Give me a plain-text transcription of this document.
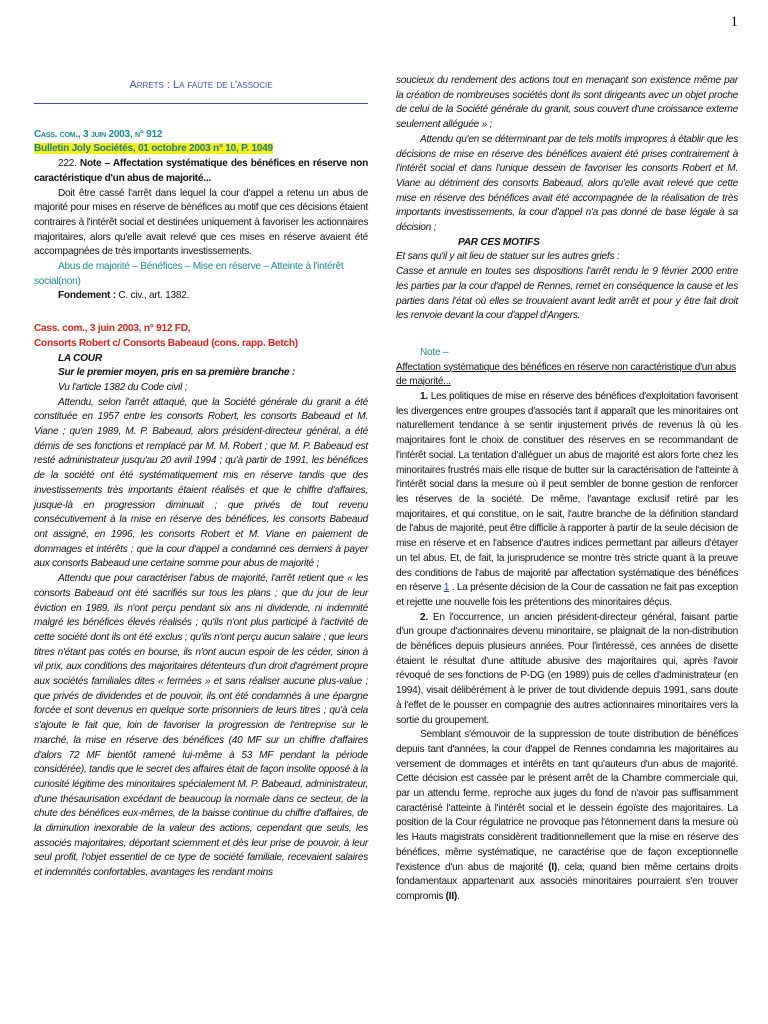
1
Arrets : La faute de l'associe

Cass. com., 3 juin 2003, n° 912

Bulletin Joly Sociétés, 01 octobre 2003 n° 10, P. 1049

222. Note – Affectation systématique des bénéfices en réserve non caractéristique d'un abus de majorité...

Doit être cassé l'arrêt dans lequel la cour d'appel a retenu un abus de majorité pour mises en réserve de bénéfices au motif que ces décisions étaient contraires à l'intérêt social et destinées uniquement à favoriser les actionnaires majoritaires, alors qu'elle avait relevé que ces mises en réserve avaient été accompagnées de très importants investissements.

Abus de majorité – Bénéfices – Mise en réserve – Atteinte à l'intérêt social(non)

Fondement : C. civ., art. 1382.

Cass. com., 3 juin 2003, n° 912 FD,

Consorts Robert c/ Consorts Babeaud (cons. rapp. Betch)

LA COUR

Sur le premier moyen, pris en sa première branche :

Vu l'article 1382 du Code civil ;

Attendu, selon l'arrêt attaqué, que la Société générale du granit a été constituée en 1957 entre les consorts Robert, les consorts Babeaud et M. Viane ; qu'en 1989, M. P. Babeaud, alors président-directeur général, a été démis de ses fonctions et remplacé par M. M. Robert ; que M. P. Babeaud est resté administrateur jusqu'au 20 avril 1994 ; qu'à partir de 1991, les bénéfices de la société ont été systématiquement mis en réserve tandis que des investissements très importants étaient réalisés et que le chiffre d'affaires, jusque-là en progression diminuait ; que privés de tout revenu consécutivement à la mise en réserve des bénéfices, les consorts Babeaud ont assigné, en 1996, les consorts Robert et M. Viane en paiement de dommages et intérêts ; que la cour d'appel a condamné ces derniers à payer aux consorts Babeaud une certaine somme pour abus de majorité ;

Attendu que pour caractériser l'abus de majorité, l'arrêt retient que « les consorts Babeaud ont été sacrifiés sur tous les plans ; que du jour de leur éviction en 1989, ils n'ont perçu pendant six ans ni dividende, ni indemnité malgré les bénéfices élevés réalisés ; qu'ils n'ont plus participé à l'activité de cette société dont ils ont été exclus ; qu'ils n'ont perçu aucun salaire ; que leurs titres n'étant pas cotés en bourse, ils n'ont aucun espoir de les céder, sinon à vil prix, aux conditions des majoritaires détenteurs d'un droit d'agrément propre aux sociétés familiales dites « fermées » et sans réaliser aucune plus-value ; que privés de dividendes et de pouvoir, ils ont été condamnés à une épargne forcée et sont devenus en quelque sorte prisonniers de leurs titres ; qu'à cela s'ajoute le fait que, loin de favoriser la progression de l'entreprise sur le marché, la mise en réserve des bénéfices (40 MF sur un chiffre d'affaires d'alors 72 MF bientôt ramené lui-même à 53 MF pendant la période considérée), tandis que le secret des affaires était de façon insolite opposé à la curiosité légitime des minoritaires spécialement M. P. Babeaud, administrateur, d'une thésaurisation excédant de beaucoup la normale dans ce secteur, de la chute des bénéfices eux-mêmes, de la baisse continue du chiffre d'affaires, de la diminution inexorable de la valeur des actions, cependant que seuls, les associés majoritaires, déportant sciemment et dès leur prise de pouvoir, à leur seul profit, l'objet essentiel de ce type de société familiale, recevaient salaires et indemnités confortables, avantages les rendant moins

soucieux du rendement des actions tout en menaçant son existence même par la création de nombreuses sociétés dont ils sont dirigeants avec un objet proche de celui de la Société générale du granit, sous couvert d'une croissance externe seulement alléguée » ;

Attendu qu'en se déterminant par de tels motifs impropres à établir que les décisions de mise en réserve des bénéfices avaient été prises contrairement à l'intérêt social et dans l'unique dessein de favoriser les consorts Robert et M. Viane au détriment des consorts Babeaud, alors qu'elle avait relevé que cette mise en réserve des bénéfices avait été accompagnée de la réalisation de très importants investissements, la cour d'appel n'a pas donné de base légale à sa décision ;

PAR CES MOTIFS

Et sans qu'il y ait lieu de statuer sur les autres griefs :

Casse et annule en toutes ses dispositions l'arrêt rendu le 9 février 2000 entre les parties par la cour d'appel de Rennes, remet en conséquence la cause et les parties dans l'état où elles se trouvaient avant ledit arrêt et pour y être fait droit les renvoie devant la cour d'appel d'Angers.

Note –

Affectation systématique des bénéfices en réserve non caractéristique d'un abus de majorité...

1. Les politiques de mise en réserve des bénéfices d'exploitation favorisent les divergences entre groupes d'associés tant il apparaît que les minoritaires ont naturellement tendance à se sentir injustement privés de revenus là où les majoritaires font le choix de constituer des réserves en se recommandant de l'intérêt social. La tentation d'alléguer un abus de majorité est alors forte chez les minoritaires frustrés mais elle risque de butter sur la caractérisation de l'atteinte à l'intérêt social dans la mesure où il peut sembler de bonne gestion de renforcer les réserves de la société. De même, l'avantage exclusif retiré par les majoritaires, et qui constitue, on le sait, l'autre branche de la définition standard de l'abus de majorité, peut être difficile à rapporter à partir de la seule décision de mise en réserve et en l'absence d'autres indices permettant par ailleurs d'étayer un tel abus. Et, de fait, la jurisprudence se montre très stricte quant à la preuve des conditions de l'abus de majorité par affectation systématique des bénéfices en réserve 1 . La présente décision de la Cour de cassation ne fait pas exception et rejette une nouvelle fois les prétentions des minoritaires déçus.

2. En l'occurrence, un ancien président-directeur général, faisant partie d'un groupe d'actionnaires devenu minoritaire, se plaignait de la non-distribution de bénéfices depuis plusieurs années. Pour l'intéressé, ces années de disette étaient le résultat d'une attitude abusive des majoritaires qui, après l'avoir révoqué de ses fonctions de P-DG (en 1989) puis de celles d'administrateur (en 1994), visait délibérément à le priver de tout dividende depuis 1991, sans doute à l'effet de le pousser en compagnie des autres actionnaires minoritaires vers la sortie du groupement.

Semblant s'émouvoir de la suppression de toute distribution de bénéfices depuis tant d'années, la cour d'appel de Rennes condamna les majoritaires au versement de dommages et intérêts en tant qu'auteurs d'un abus de majorité. Cette décision est cassée par le présent arrêt de la Chambre commerciale qui, par un attendu ferme, reproche aux juges du fond de n'avoir pas suffisamment caractérisé l'atteinte à l'intérêt social et le dessein égoïste des majoritaires. La position de la Cour régulatrice ne provoque pas l'étonnement dans la mesure où les Hauts magistrats considèrent traditionnellement que la mise en réserve des bénéfices, même systématique, ne caractérise que de façon exceptionnelle l'existence d'un abus de majorité (I), cela, quand bien même certains droits fondamentaux appartenant aux associés minoritaires pourraient s'en trouver compromis (II).
